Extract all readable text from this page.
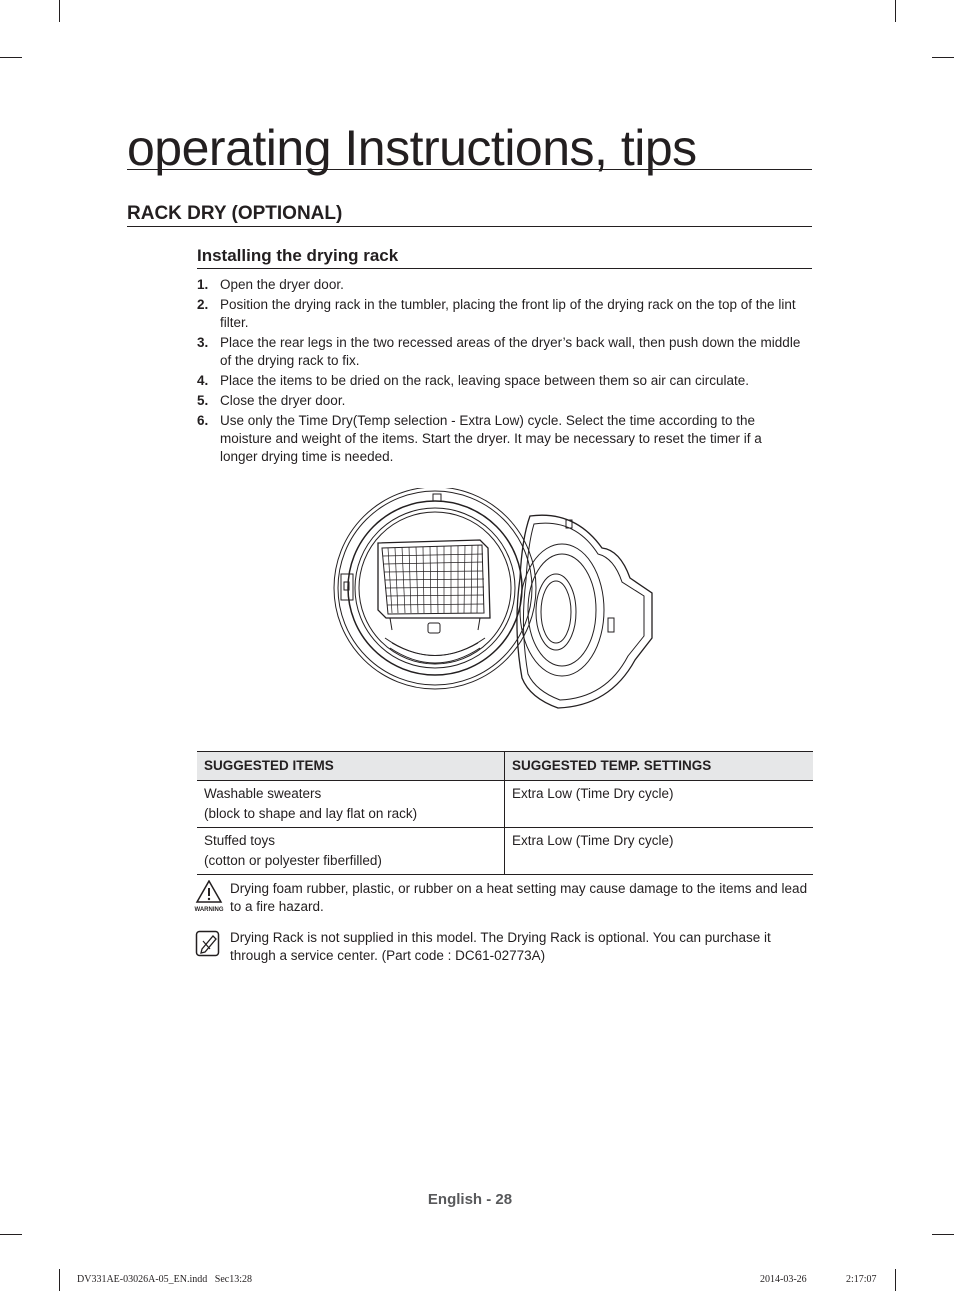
operating Instructions, tips
RACK DRY (OPTIONAL)
Installing the drying rack
1. Open the dryer door.
2. Position the drying rack in the tumbler, placing the front lip of the drying rack on the top of the lint filter.
3. Place the rear legs in the two recessed areas of the dryer’s back wall, then push down the middle of the drying rack to fix.
4. Place the items to be dried on the rack, leaving space between them so air can circulate.
5. Close the dryer door.
6. Use only the Time Dry(Temp selection - Extra Low) cycle. Select the time according to the moisture and weight of the items. Start the dryer. It may be necessary to reset the timer if a longer drying time is needed.
SUGGESTED ITEMS	SUGGESTED TEMP. SETTINGS

Washable sweaters
(block to shape and lay flat on rack)	Extra Low (Time Dry cycle)

Stuffed toys
(cotton or polyester fiberfilled)	Extra Low (Time Dry cycle)
WARNING
Drying foam rubber, plastic, or rubber on a heat setting may cause damage to the items and lead to a fire hazard.
Drying Rack is not supplied in this model. The Drying Rack is optional. You can purchase it through a service center. (Part code : DC61-02773A)
English - 28
DV331AE-03026A-05_EN.indd   Sec13:28	2014-03-26	2:17:07
